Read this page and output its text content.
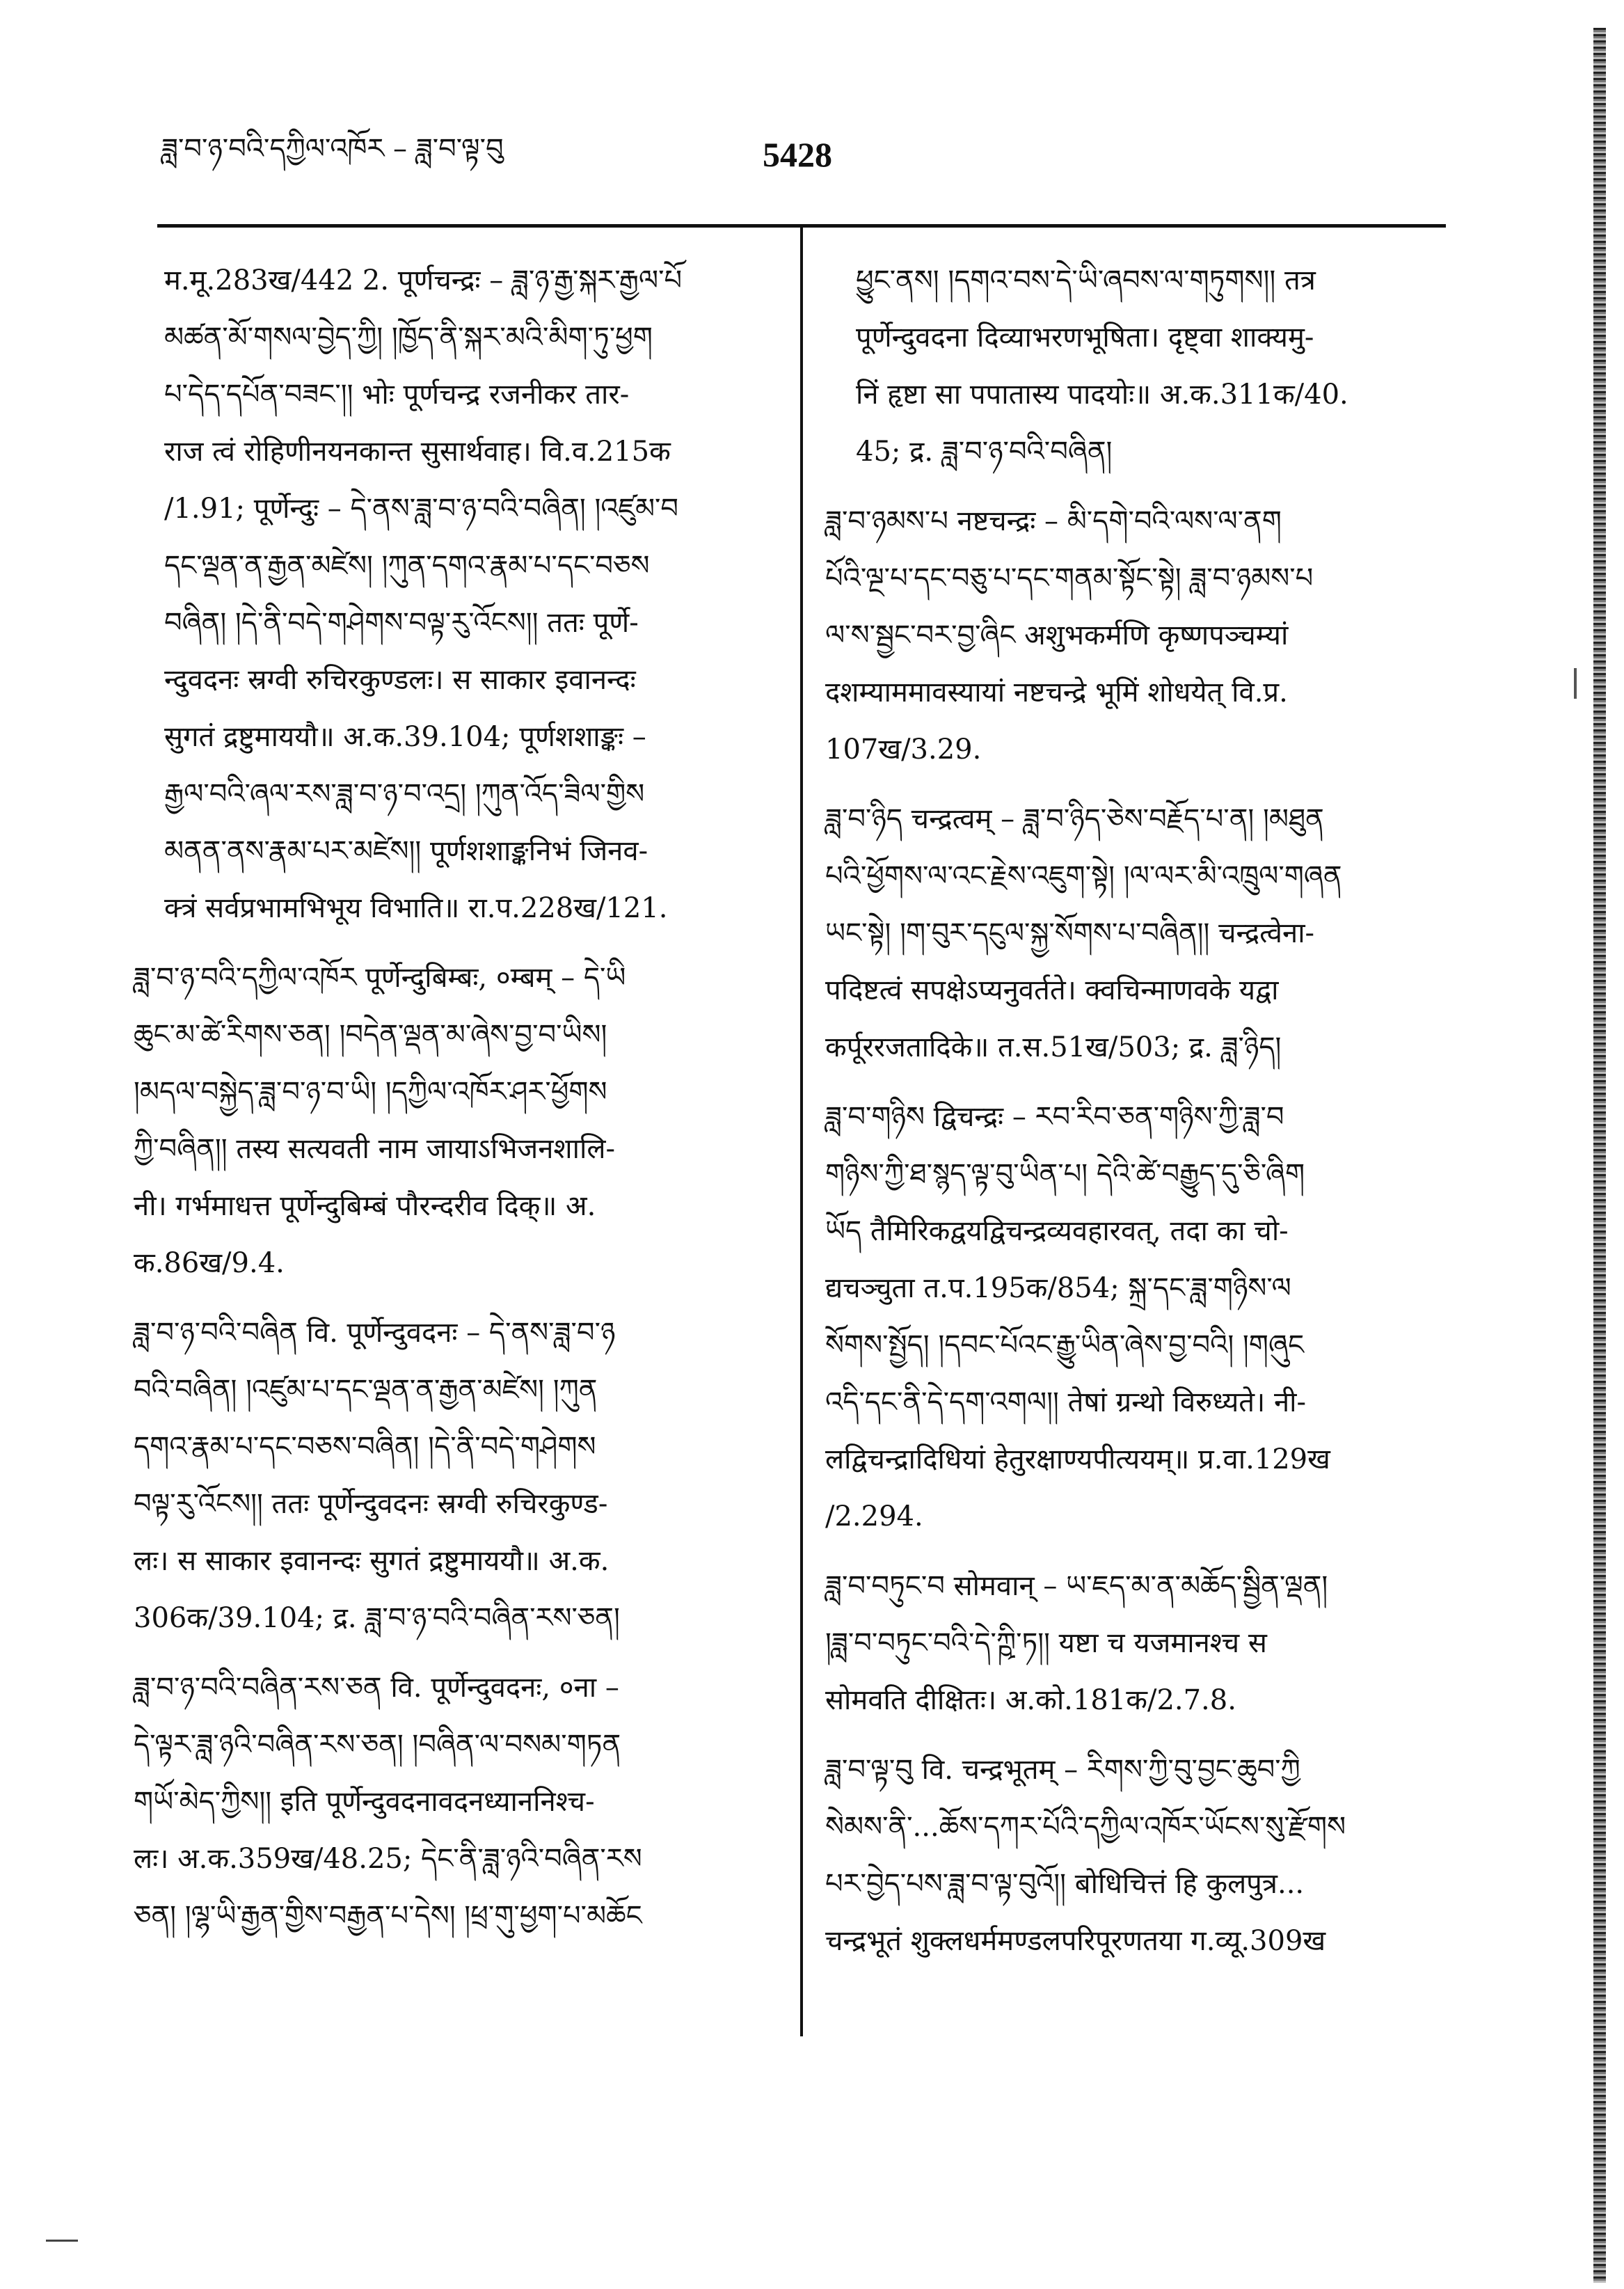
ཟླ་བ་ཉ་བའི་དཀྱིལ་འཁོར – ཟླ་བ་ལྟ་བུ	5428
म.मू.283ख/442 2. पूर्णचन्द्रः – ཟླ་ཉ་རྒྱ་སྐར་རྒྱལ་པོ
མཚན་མོ་གསལ་བྱེད་ཀྱི། །ཁྱོད་ནི་སྐར་མའི་མིག་ཏུ་ཕྱག
པ་དེད་དཔོན་བཟང་།། भोः पूर्णचन्द्र रजनीकर तार-
राज त्वं रोहिणीनयनकान्त सुसार्थवाह। वि.व.215क
/1.91; पूर्णेन्दुः – དེ་ནས་ཟླ་བ་ཉ་བའི་བཞིན། །འཛུམ་བ
དང་ལྡན་ན་རྒྱན་མཛེས། །ཀུན་དགའ་རྣམ་པ་དང་བཅས
བཞིན། །དེ་ནི་བདེ་གཤེགས་བལྟ་རུ་འོངས།། ततः पूर्णे-
न्दुवदनः स्रग्वी रुचिरकुण्डलः। स साकार इवानन्दः
सुगतं द्रष्टुमाययौ॥ अ.क.39.104; पूर्णशशाङ्कः –
རྒྱལ་བའི་ཞལ་རས་ཟླ་བ་ཉ་བ་འདྲ། །ཀུན་འོད་ཟིལ་གྱིས
མནན་ནས་རྣམ་པར་མཛེས།། पूर्णशशाङ्कनिभं जिनव-
क्त्रं सर्वप्रभामभिभूय विभाति॥ रा.प.228ख/121.
ཟླ་བ་ཉ་བའི་དཀྱིལ་འཁོར पूर्णेन्दुबिम्बः, ०म्बम् – དེ་ཡི
ཆུང་མ་ཚེ་རིགས་ཅན། །བདེན་ལྡན་མ་ཞེས་བྱ་བ་ཡིས།
།མདལ་བསྐྱེད་ཟླ་བ་ཉ་བ་ཡི། །དཀྱིལ་འཁོར་ཤར་ཕྱོགས
ཀྱི་བཞིན།། तस्य सत्यवती नाम जायाऽभिजनशालि-
नी। गर्भमाधत्त पूर्णेन्दुबिम्बं पौरन्दरीव दिक्॥ अ.
क.86ख/9.4.
ཟླ་བ་ཉ་བའི་བཞིན वि. पूर्णेन्दुवदनः – དེ་ནས་ཟླ་བ་ཉ
བའི་བཞིན། །འཛུམ་པ་དང་ལྡན་ན་རྒྱན་མཛེས། །ཀུན
དགའ་རྣམ་པ་དང་བཅས་བཞིན། །དེ་ནི་བདེ་གཤེགས
བལྟ་རུ་འོངས།། ततः पूर्णेन्दुवदनः स्रग्वी रुचिरकुण्ड-
लः। स साकार इवानन्दः सुगतं द्रष्टुमाययौ॥ अ.क.
306क/39.104; द्र. ཟླ་བ་ཉ་བའི་བཞིན་རས་ཅན།
ཟླ་བ་ཉ་བའི་བཞིན་རས་ཅན वि. पूर्णेन्दुवदनः, ०ना –
དེ་ལྟར་ཟླ་ཉའི་བཞིན་རས་ཅན། །བཞིན་ལ་བསམ་གཏན
གཡོ་མེད་ཀྱིས།། इति पूर्णेन्दुवदनावदनध्याननिश्च-
लः। अ.क.359ख/48.25; དེང་ནི་ཟླ་ཉའི་བཞིན་རས
ཅན། །ལྷ་ཡི་རྒྱན་གྱིས་བརྒྱན་པ་དེས། །ཕྲ་གུ་ཕྱག་པ་མཆོང
ཕྱུང་ནས། །དགའ་བས་དེ་ཡི་ཞབས་ལ་གཏུགས།། तत्र
पूर्णेन्दुवदना दिव्याभरणभूषिता। दृष्ट्वा शाक्यमु-
निं हृष्टा सा पपातास्य पादयोः॥ अ.क.311क/40.
45; द्र. ཟླ་བ་ཉ་བའི་བཞིན།
ཟླ་བ་ཉམས་པ नष्टचन्द्रः – མི་དགེ་བའི་ལས་ལ་ནག
པོའི་ལྔ་པ་དང་བཅུ་པ་དང་གནམ་སྟོང་སྟེ། ཟླ་བ་ཉམས་པ
ལ་ས་སྦྱང་བར་བྱ་ཞིང अशुभकर्मणि कृष्णपञ्चम्यां
दशम्याममावस्यायां नष्टचन्द्रे भूमिं शोधयेत् वि.प्र.
107ख/3.29.
ཟླ་བ་ཉིད चन्द्रत्वम् – ཟླ་བ་ཉིད་ཅེས་བརྗོད་པ་ན། །མཐུན
པའི་ཕྱོགས་ལ་འང་རྗེས་འཇུག་སྟེ། །ལ་ལར་མི་འཁྲུལ་གཞན
ཡང་སྟེ། །ག་བུར་དངུལ་སྐྱ་སོགས་པ་བཞིན།། चन्द्रत्वेना-
पदिष्टत्वं सपक्षेऽप्यनुवर्तते। क्वचिन्माणवके यद्वा
कर्पूररजतादिके॥ त.स.51ख/503; द्र. ཟླ་ཉིད།
ཟླ་བ་གཉིས द्विचन्द्रः – རབ་རིབ་ཅན་གཉིས་ཀྱི་ཟླ་བ
གཉིས་ཀྱི་ཐ་སྙད་ལྟ་བུ་ཡིན་པ། དེའི་ཚེ་བརྒྱུད་དུ་ཅི་ཞིག
ཡོད तैमिरिकद्वयद्विचन्द्रव्यवहारवत्, तदा का चो-
द्यचञ्चुता त.प.195क/854; སྐྲ་དང་ཟླ་གཉིས་ལ
སོགས་སྤྱོད། །དབང་པོའང་རྒྱུ་ཡིན་ཞེས་བྱ་བའི། །གཞུང
འདི་དང་ནི་དེ་དག་འགལ།། तेषां ग्रन्थो विरुध्यते। नी-
लद्विचन्द्रादिधियां हेतुरक्षाण्यपीत्ययम्॥ प्र.वा.129ख
/2.294.
ཟླ་བ་བཏུང་བ सोमवान् – ཡ་ཇད་མ་ན་མཆོད་སྦྱིན་ལྡན།
།ཟླ་བ་བཏུང་བའི་དེ་ཀྵི་ཏ།། यष्टा च यजमानश्च स
सोमवति दीक्षितः। अ.को.181क/2.7.8.
ཟླ་བ་ལྟ་བུ वि. चन्द्रभूतम् – རིགས་ཀྱི་བུ་བྱང་ཆུབ་ཀྱི
སེམས་ནི་...ཆོས་དཀར་པོའི་དཀྱིལ་འཁོར་ཡོངས་སུ་རྫོགས
པར་བྱེད་པས་ཟླ་བ་ལྟ་བུའོ།། बोधिचित्तं हि कुलपुत्र...
चन्द्रभूतं शुक्लधर्ममण्डलपरिपूरणतया ग.व्यू.309ख
